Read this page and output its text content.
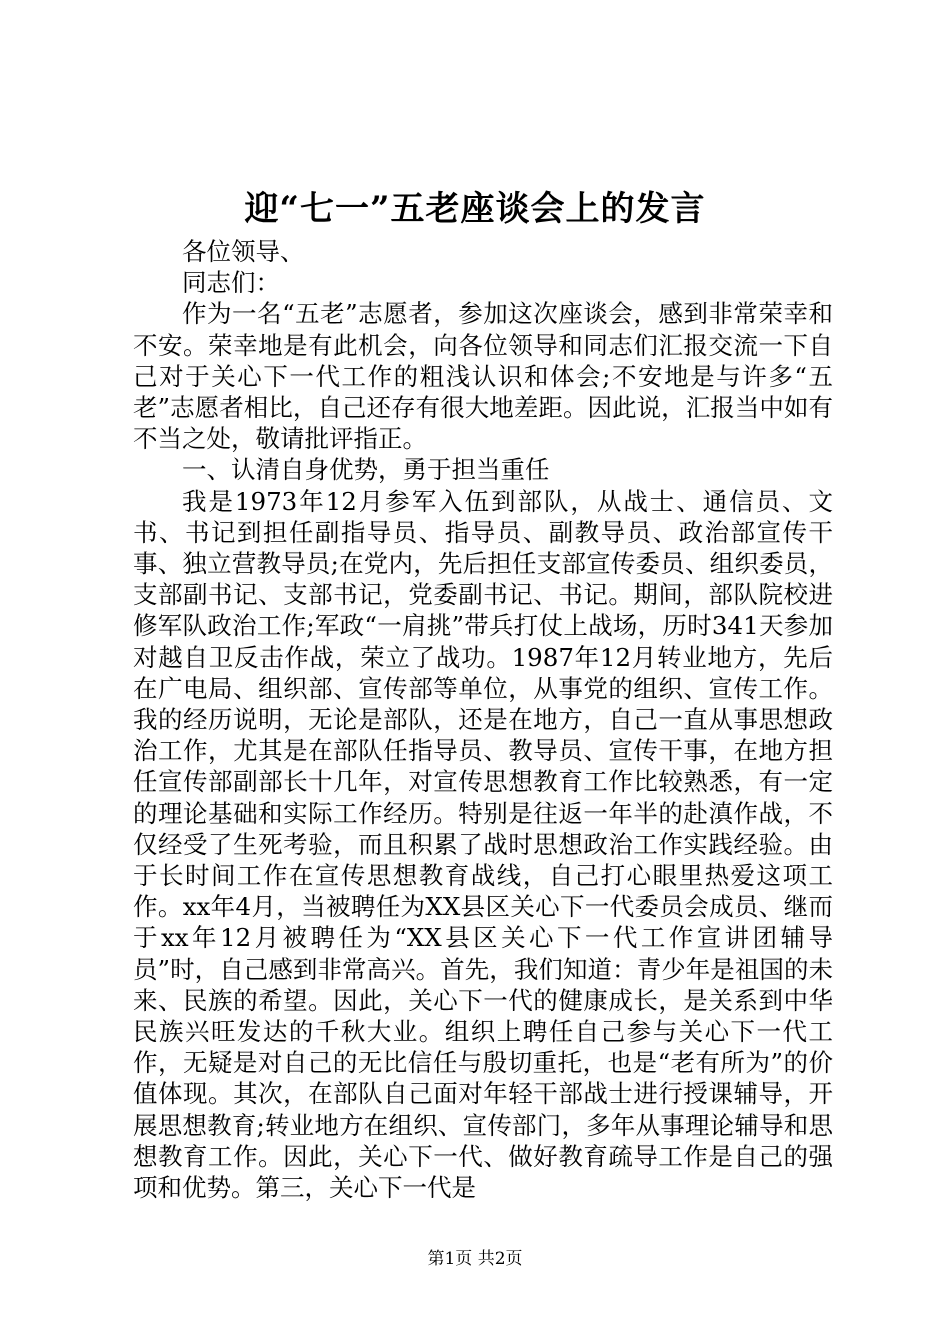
迎“七一”五老座谈会上的发言

各位领导、

同志们：

作为一名“五老”志愿者，参加这次座谈会，感到非常荣幸和不安。荣幸地是有此机会，向各位领导和同志们汇报交流一下自己对于关心下一代工作的粗浅认识和体会;不安地是与许多“五老”志愿者相比，自己还存有很大地差距。因此说，汇报当中如有不当之处，敬请批评指正。

一、认清自身优势，勇于担当重任

我是1973年12月参军入伍到部队，从战士、通信员、文书、书记到担任副指导员、指导员、副教导员、政治部宣传干事、独立营教导员;在党内，先后担任支部宣传委员、组织委员，支部副书记、支部书记，党委副书记、书记。期间，部队院校进修军队政治工作;军政“一肩挑”带兵打仗上战场，历时341天参加对越自卫反击作战，荣立了战功。1987年12月转业地方，先后在广电局、组织部、宣传部等单位，从事党的组织、宣传工作。我的经历说明，无论是部队，还是在地方，自己一直从事思想政治工作，尤其是在部队任指导员、教导员、宣传干事，在地方担任宣传部副部长十几年，对宣传思想教育工作比较熟悉，有一定的理论基础和实际工作经历。特别是往返一年半的赴滇作战，不仅经受了生死考验，而且积累了战时思想政治工作实践经验。由于长时间工作在宣传思想教育战线，自己打心眼里热爱这项工作。xx年4月，当被聘任为XX县区关心下一代委员会成员、继而于xx年12月被聘任为“XX县区关心下一代工作宣讲团辅导员”时，自己感到非常高兴。首先，我们知道：青少年是祖国的未来、民族的希望。因此，关心下一代的健康成长，是关系到中华民族兴旺发达的千秋大业。组织上聘任自己参与关心下一代工作，无疑是对自己的无比信任与殷切重托，也是“老有所为”的价值体现。其次，在部队自己面对年轻干部战士进行授课辅导，开展思想教育;转业地方在组织、宣传部门，多年从事理论辅导和思想教育工作。因此，关心下一代、做好教育疏导工作是自己的强项和优势。第三，关心下一代是

第1页 共2页
